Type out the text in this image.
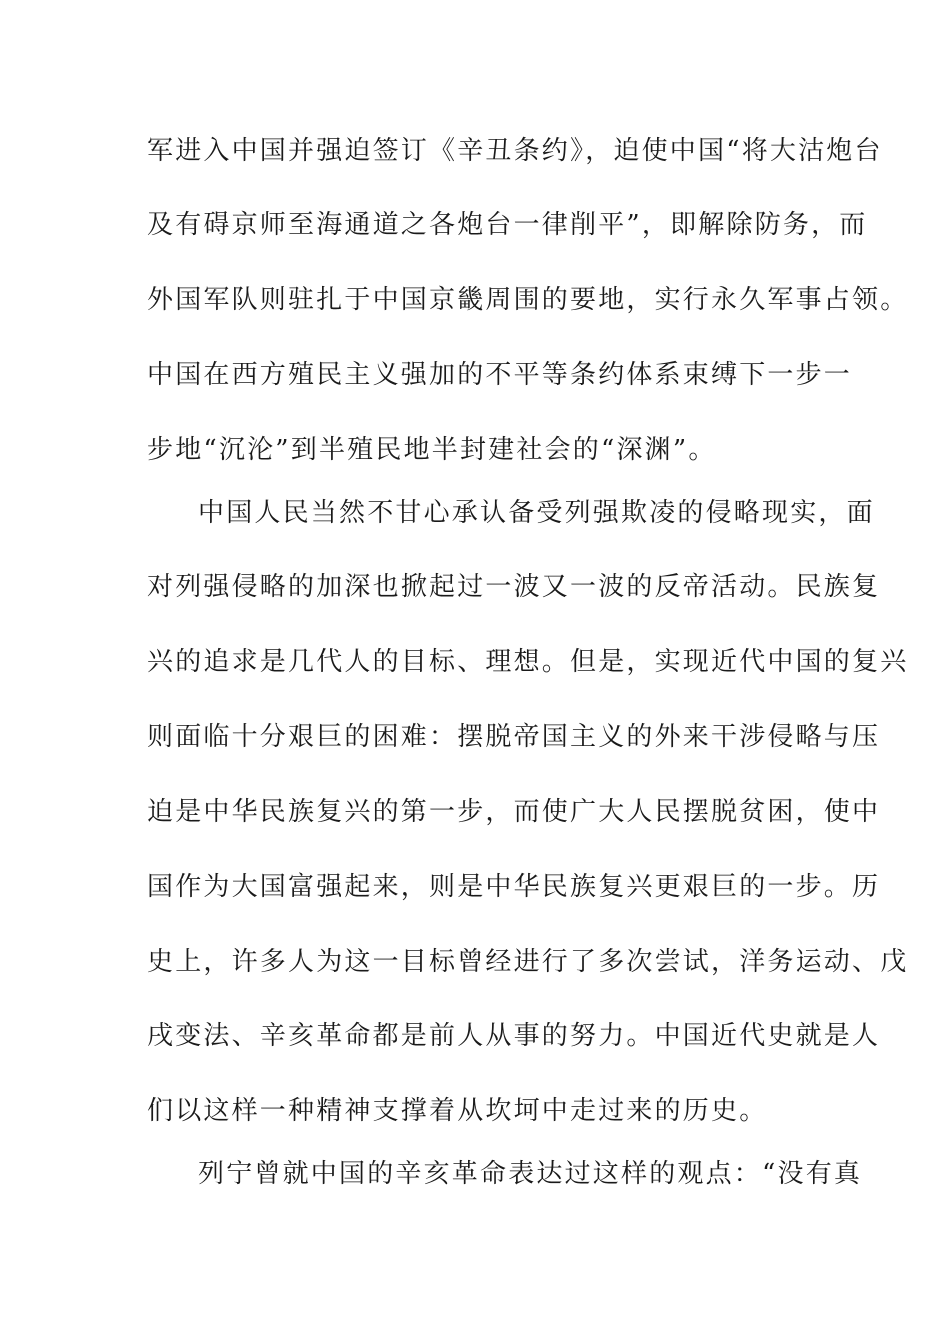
军进入中国并强迫签订《辛丑条约》，迫使中国“将大沽炮台
及有碍京师至海通道之各炮台一律削平”，即解除防务，而
外国军队则驻扎于中国京畿周围的要地，实行永久军事占领。
中国在西方殖民主义强加的不平等条约体系束缚下一步一
步地“沉沦”到半殖民地半封建社会的“深渊”。
中国人民当然不甘心承认备受列强欺凌的侵略现实，面
对列强侵略的加深也掀起过一波又一波的反帝活动。民族复
兴的追求是几代人的目标、理想。但是，实现近代中国的复兴
则面临十分艰巨的困难：摆脱帝国主义的外来干涉侵略与压
迫是中华民族复兴的第一步，而使广大人民摆脱贫困，使中
国作为大国富强起来，则是中华民族复兴更艰巨的一步。历
史上，许多人为这一目标曾经进行了多次尝试，洋务运动、戊
戌变法、辛亥革命都是前人从事的努力。中国近代史就是人
们以这样一种精神支撑着从坎坷中走过来的历史。
列宁曾就中国的辛亥革命表达过这样的观点：“没有真
